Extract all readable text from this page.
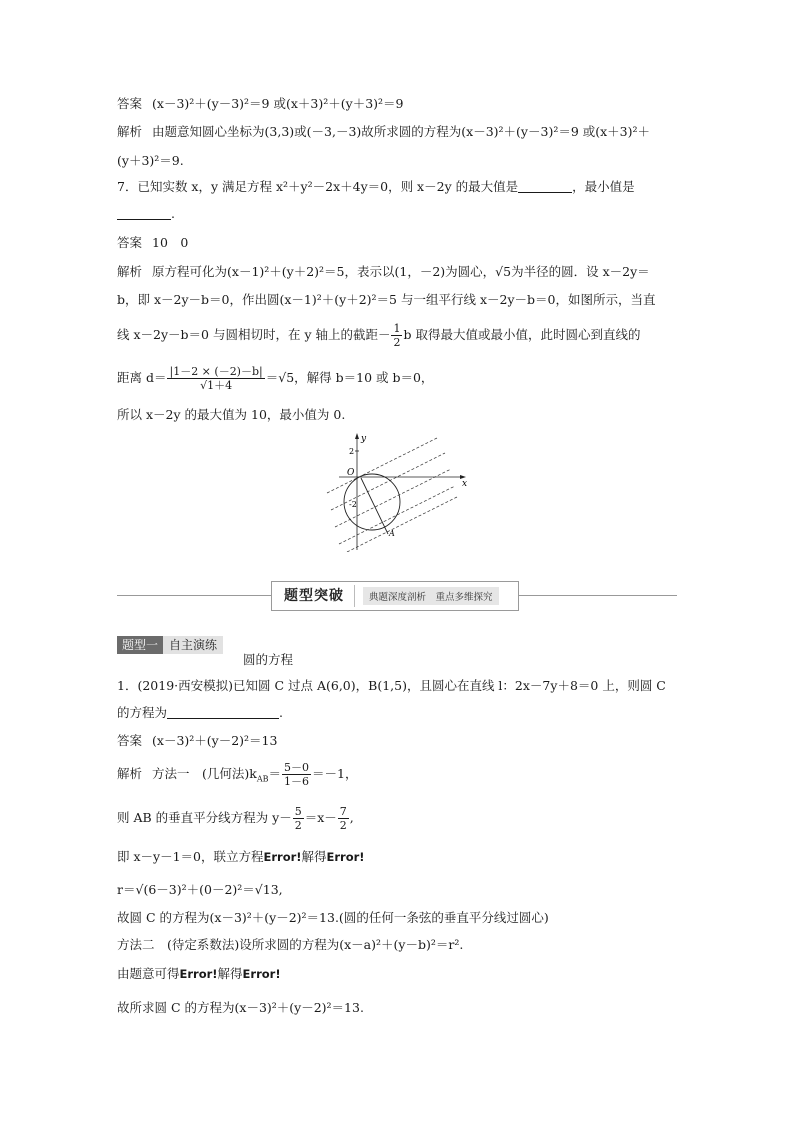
答案 (x－3)²＋(y－3)²＝9 或(x＋3)²＋(y＋3)²＝9
解析 由题意知圆心坐标为(3,3)或(－3,－3)故所求圆的方程为(x－3)²＋(y－3)²＝9 或(x＋3)²＋
(y＋3)²＝9.
7．已知实数 x，y 满足方程 x²＋y²－2x＋4y＝0，则 x－2y 的最大值是	，最小值是
.
答案 10　0
解析 原方程可化为(x－1)²＋(y＋2)²＝5，表示以(1，－2)为圆心，√5为半径的圆．设 x－2y＝
b，即 x－2y－b＝0，作出圆(x－1)²＋(y＋2)²＝5 与一组平行线 x－2y－b＝0，如图所示，当直
线 x－2y－b＝0 与圆相切时，在 y 轴上的截距－ $\frac{1}{2}$ b 取得最大值或最小值，此时圆心到直线的
距离 $d= \frac{|1-2 \times (-2)-b|}{√1+4} =√5$，解得 b＝10 或 b＝0，
所以 x－2y 的最大值为 10，最小值为 0.
y
x
O
2
-2
A
题型突破	典题深度剖析　重点多维探究
题型一 自主演练
圆的方程
1．(2019·西安模拟)已知圆 C 过点 A(6,0)，B(1,5)，且圆心在直线 l：2x－7y＋8＝0 上，则圆 C
的方程为	.
答案 (x－3)²＋(y－2)²＝13
解析 方法一　(几何法)$k_{AB}= \frac{5-0}{1-6} =-1$，
则 AB 的垂直平分线方程为 $y- \frac{5}{2} =x- \frac{7}{2}$ ,
即 x－y－1＝0，联立方程Error!解得Error!
r＝√(6－3)²＋(0－2)²＝√13,
故圆 C 的方程为(x－3)²＋(y－2)²＝13.(圆的任何一条弦的垂直平分线过圆心)
方法二　(待定系数法)设所求圆的方程为(x－a)²＋(y－b)²＝r².
由题意可得Error!解得Error!
故所求圆 C 的方程为(x－3)²＋(y－2)²＝13.
